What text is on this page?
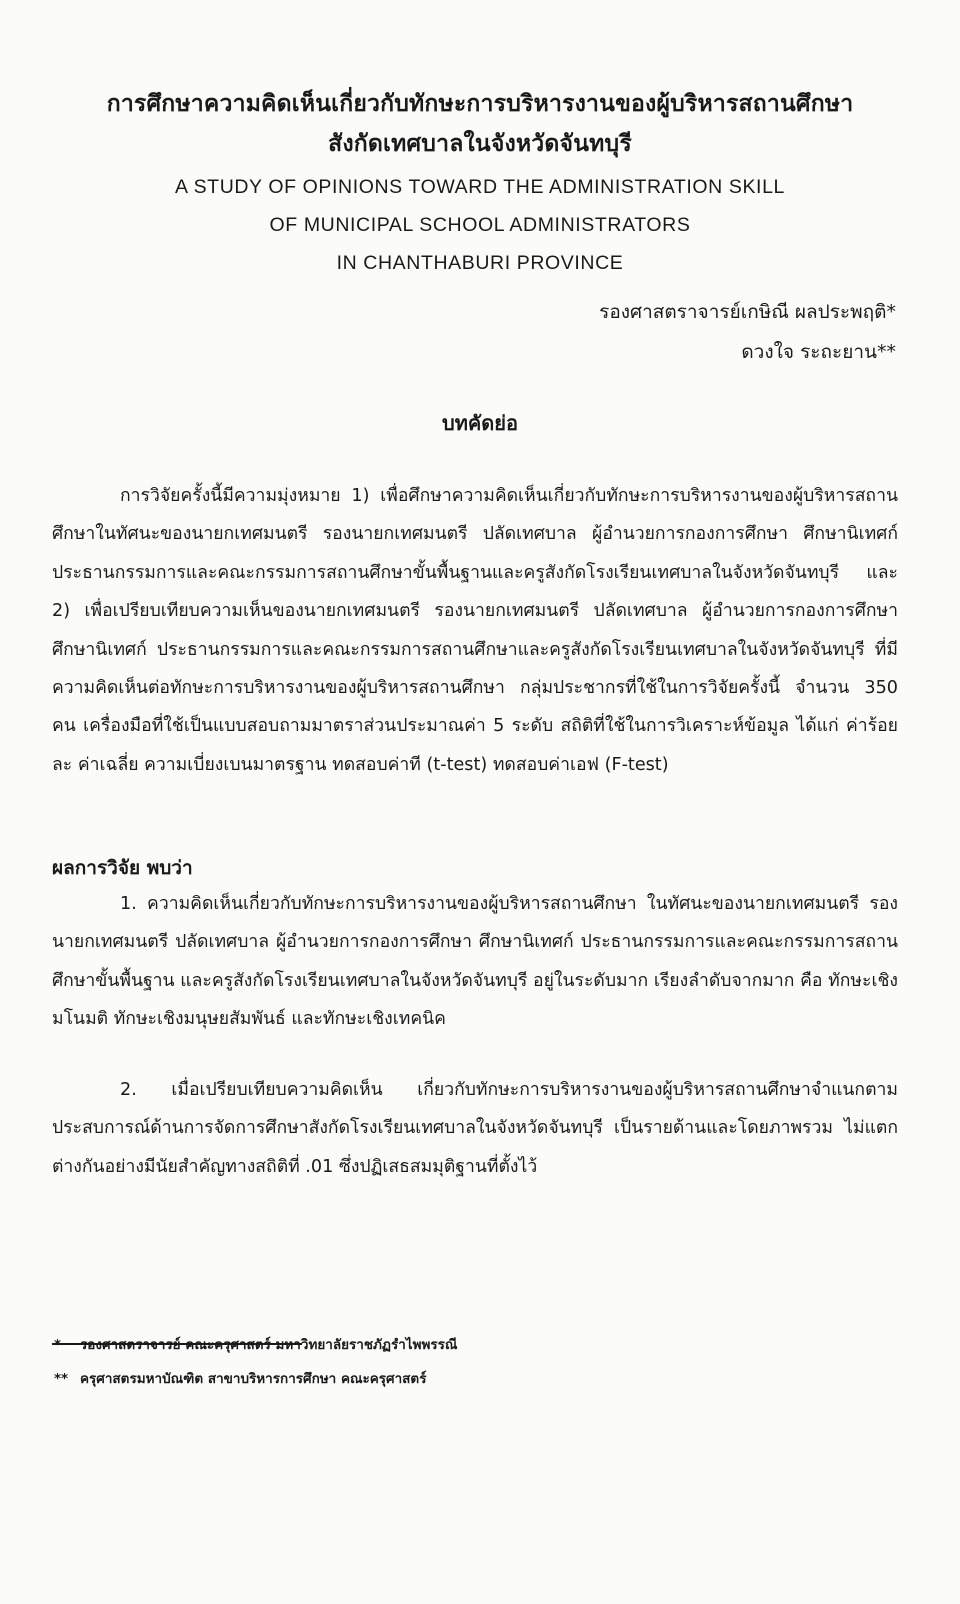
การศึกษาความคิดเห็นเกี่ยวกับทักษะการบริหารงานของผู้บริหารสถานศึกษา
สังกัดเทศบาลในจังหวัดจันทบุรี
A STUDY OF OPINIONS TOWARD THE ADMINISTRATION SKILL
OF MUNICIPAL SCHOOL ADMINISTRATORS
IN CHANTHABURI PROVINCE
รองศาสตราจารย์เกษิณี ผลประพฤติ*
ดวงใจ ระถะยาน**
บทคัดย่อ

การวิจัยครั้งนี้มีความมุ่งหมาย 1) เพื่อศึกษาความคิดเห็นเกี่ยวกับทักษะการบริหารงานของผู้บริหารสถานศึกษาในทัศนะของนายกเทศมนตรี รองนายกเทศมนตรี ปลัดเทศบาล ผู้อำนวยการกองการศึกษา ศึกษานิเทศก์ ประธานกรรมการและคณะกรรมการสถานศึกษาขั้นพื้นฐานและครูสังกัดโรงเรียนเทศบาลในจังหวัดจันทบุรี และ 2) เพื่อเปรียบเทียบความเห็นของนายกเทศมนตรี รองนายกเทศมนตรี ปลัดเทศบาล ผู้อำนวยการกองการศึกษา ศึกษานิเทศก์ ประธานกรรมการและคณะกรรมการสถานศึกษาและครูสังกัดโรงเรียนเทศบาลในจังหวัดจันทบุรี ที่มีความคิดเห็นต่อทักษะการบริหารงานของผู้บริหารสถานศึกษา กลุ่มประชากรที่ใช้ในการวิจัยครั้งนี้ จำนวน 350 คน เครื่องมือที่ใช้เป็นแบบสอบถามมาตราส่วนประมาณค่า 5 ระดับ สถิติที่ใช้ในการวิเคราะห์ข้อมูล ได้แก่ ค่าร้อยละ ค่าเฉลี่ย ความเบี่ยงเบนมาตรฐาน ทดสอบค่าที (t-test) ทดสอบค่าเอฟ (F-test)

ผลการวิจัย พบว่า

1. ความคิดเห็นเกี่ยวกับทักษะการบริหารงานของผู้บริหารสถานศึกษา ในทัศนะของนายกเทศมนตรี รองนายกเทศมนตรี ปลัดเทศบาล ผู้อำนวยการกองการศึกษา ศึกษานิเทศก์ ประธานกรรมการและคณะกรรมการสถานศึกษาขั้นพื้นฐาน และครูสังกัดโรงเรียนเทศบาลในจังหวัดจันทบุรี อยู่ในระดับมาก เรียงลำดับจากมาก คือ ทักษะเชิงมโนมติ ทักษะเชิงมนุษยสัมพันธ์ และทักษะเชิงเทคนิค

2. เมื่อเปรียบเทียบความคิดเห็น เกี่ยวกับทักษะการบริหารงานของผู้บริหารสถานศึกษาจำแนกตามประสบการณ์ด้านการจัดการศึกษาสังกัดโรงเรียนเทศบาลในจังหวัดจันทบุรี เป็นรายด้านและโดยภาพรวม ไม่แตกต่างกันอย่างมีนัยสำคัญทางสถิติที่ .01 ซึ่งปฏิเสธสมมุติฐานที่ตั้งไว้

* รองศาสตราจารย์ คณะครุศาสตร์ มหาวิทยาลัยราชภัฏรำไพพรรณี
** ครุศาสตรมหาบัณฑิต สาขาบริหารการศึกษา คณะครุศาสตร์
